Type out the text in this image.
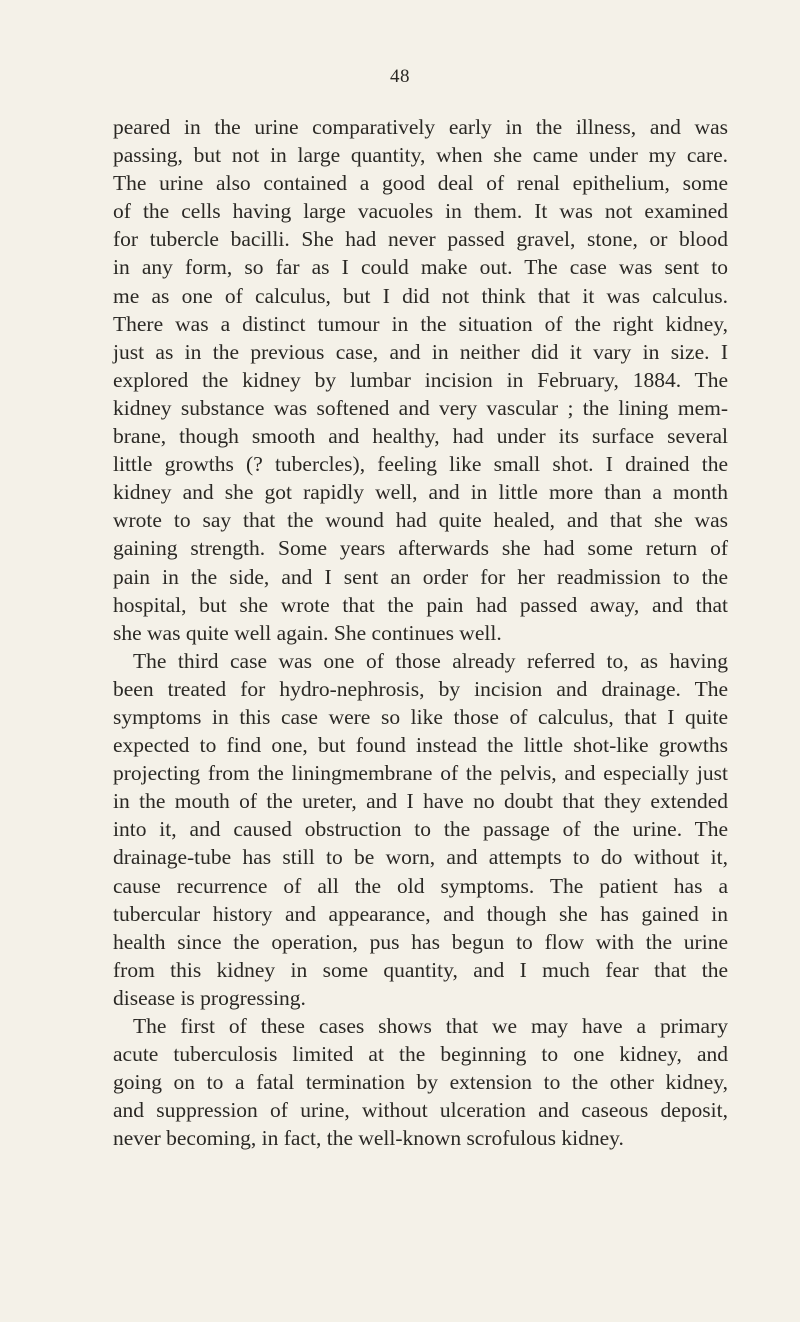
48
peared in the urine comparatively early in the illness, and was
passing, but not in large quantity, when she came under my care.
The urine also contained a good deal of renal epithelium, some
of the cells having large vacuoles in them. It was not examined
for tubercle bacilli. She had never passed gravel, stone, or blood
in any form, so far as I could make out. The case was sent to
me as one of calculus, but I did not think that it was calculus.
There was a distinct tumour in the situation of the right kidney,
just as in the previous case, and in neither did it vary in size. I
explored the kidney by lumbar incision in February, 1884. The
kidney substance was softened and very vascular ; the lining mem-
brane, though smooth and healthy, had under its surface several
little growths (? tubercles), feeling like small shot. I drained the
kidney and she got rapidly well, and in little more than a month
wrote to say that the wound had quite healed, and that she was
gaining strength. Some years afterwards she had some return of
pain in the side, and I sent an order for her readmission to the
hospital, but she wrote that the pain had passed away, and that
she was quite well again. She continues well.
The third case was one of those already referred to, as having
been treated for hydro-nephrosis, by incision and drainage. The
symptoms in this case were so like those of calculus, that I quite
expected to find one, but found instead the little shot-like growths
projecting from the liningmembrane of the pelvis, and especially just
in the mouth of the ureter, and I have no doubt that they extended
into it, and caused obstruction to the passage of the urine. The
drainage-tube has still to be worn, and attempts to do without it,
cause recurrence of all the old symptoms. The patient has a
tubercular history and appearance, and though she has gained in
health since the operation, pus has begun to flow with the urine
from this kidney in some quantity, and I much fear that the
disease is progressing.
The first of these cases shows that we may have a primary
acute tuberculosis limited at the beginning to one kidney, and
going on to a fatal termination by extension to the other kidney,
and suppression of urine, without ulceration and caseous deposit,
never becoming, in fact, the well-known scrofulous kidney.
